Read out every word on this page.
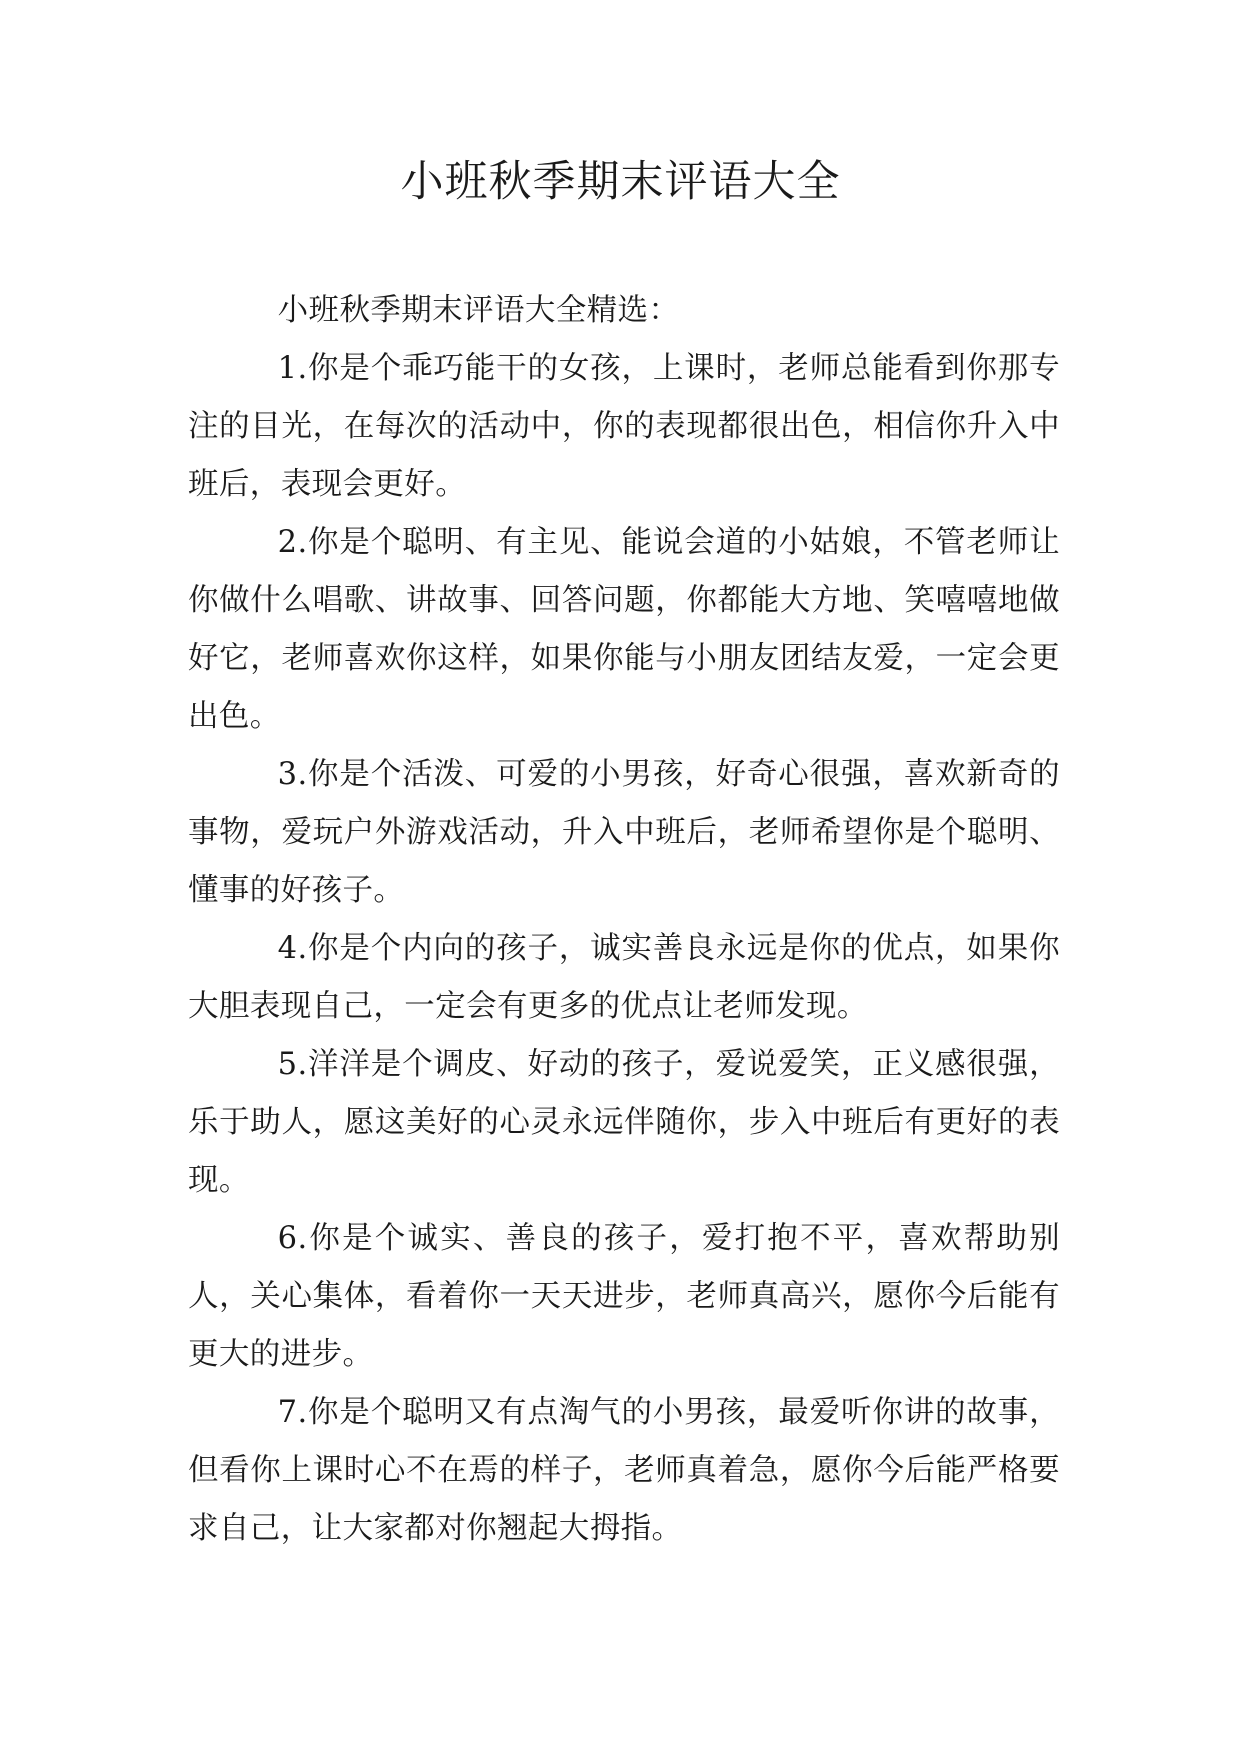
小班秋季期末评语大全

小班秋季期末评语大全精选：

1.你是个乖巧能干的女孩，上课时，老师总能看到你那专注的目光，在每次的活动中，你的表现都很出色，相信你升入中班后，表现会更好。

2.你是个聪明、有主见、能说会道的小姑娘，不管老师让你做什么唱歌、讲故事、回答问题，你都能大方地、笑嘻嘻地做好它，老师喜欢你这样，如果你能与小朋友团结友爱，一定会更出色。

3.你是个活泼、可爱的小男孩，好奇心很强，喜欢新奇的事物，爱玩户外游戏活动，升入中班后，老师希望你是个聪明、懂事的好孩子。

4.你是个内向的孩子，诚实善良永远是你的优点，如果你大胆表现自己，一定会有更多的优点让老师发现。

5.洋洋是个调皮、好动的孩子，爱说爱笑，正义感很强，乐于助人，愿这美好的心灵永远伴随你，步入中班后有更好的表现。

6.你是个诚实、善良的孩子，爱打抱不平，喜欢帮助别人，关心集体，看着你一天天进步，老师真高兴，愿你今后能有更大的进步。

7.你是个聪明又有点淘气的小男孩，最爱听你讲的故事，但看你上课时心不在焉的样子，老师真着急，愿你今后能严格要求自己，让大家都对你翘起大拇指。
